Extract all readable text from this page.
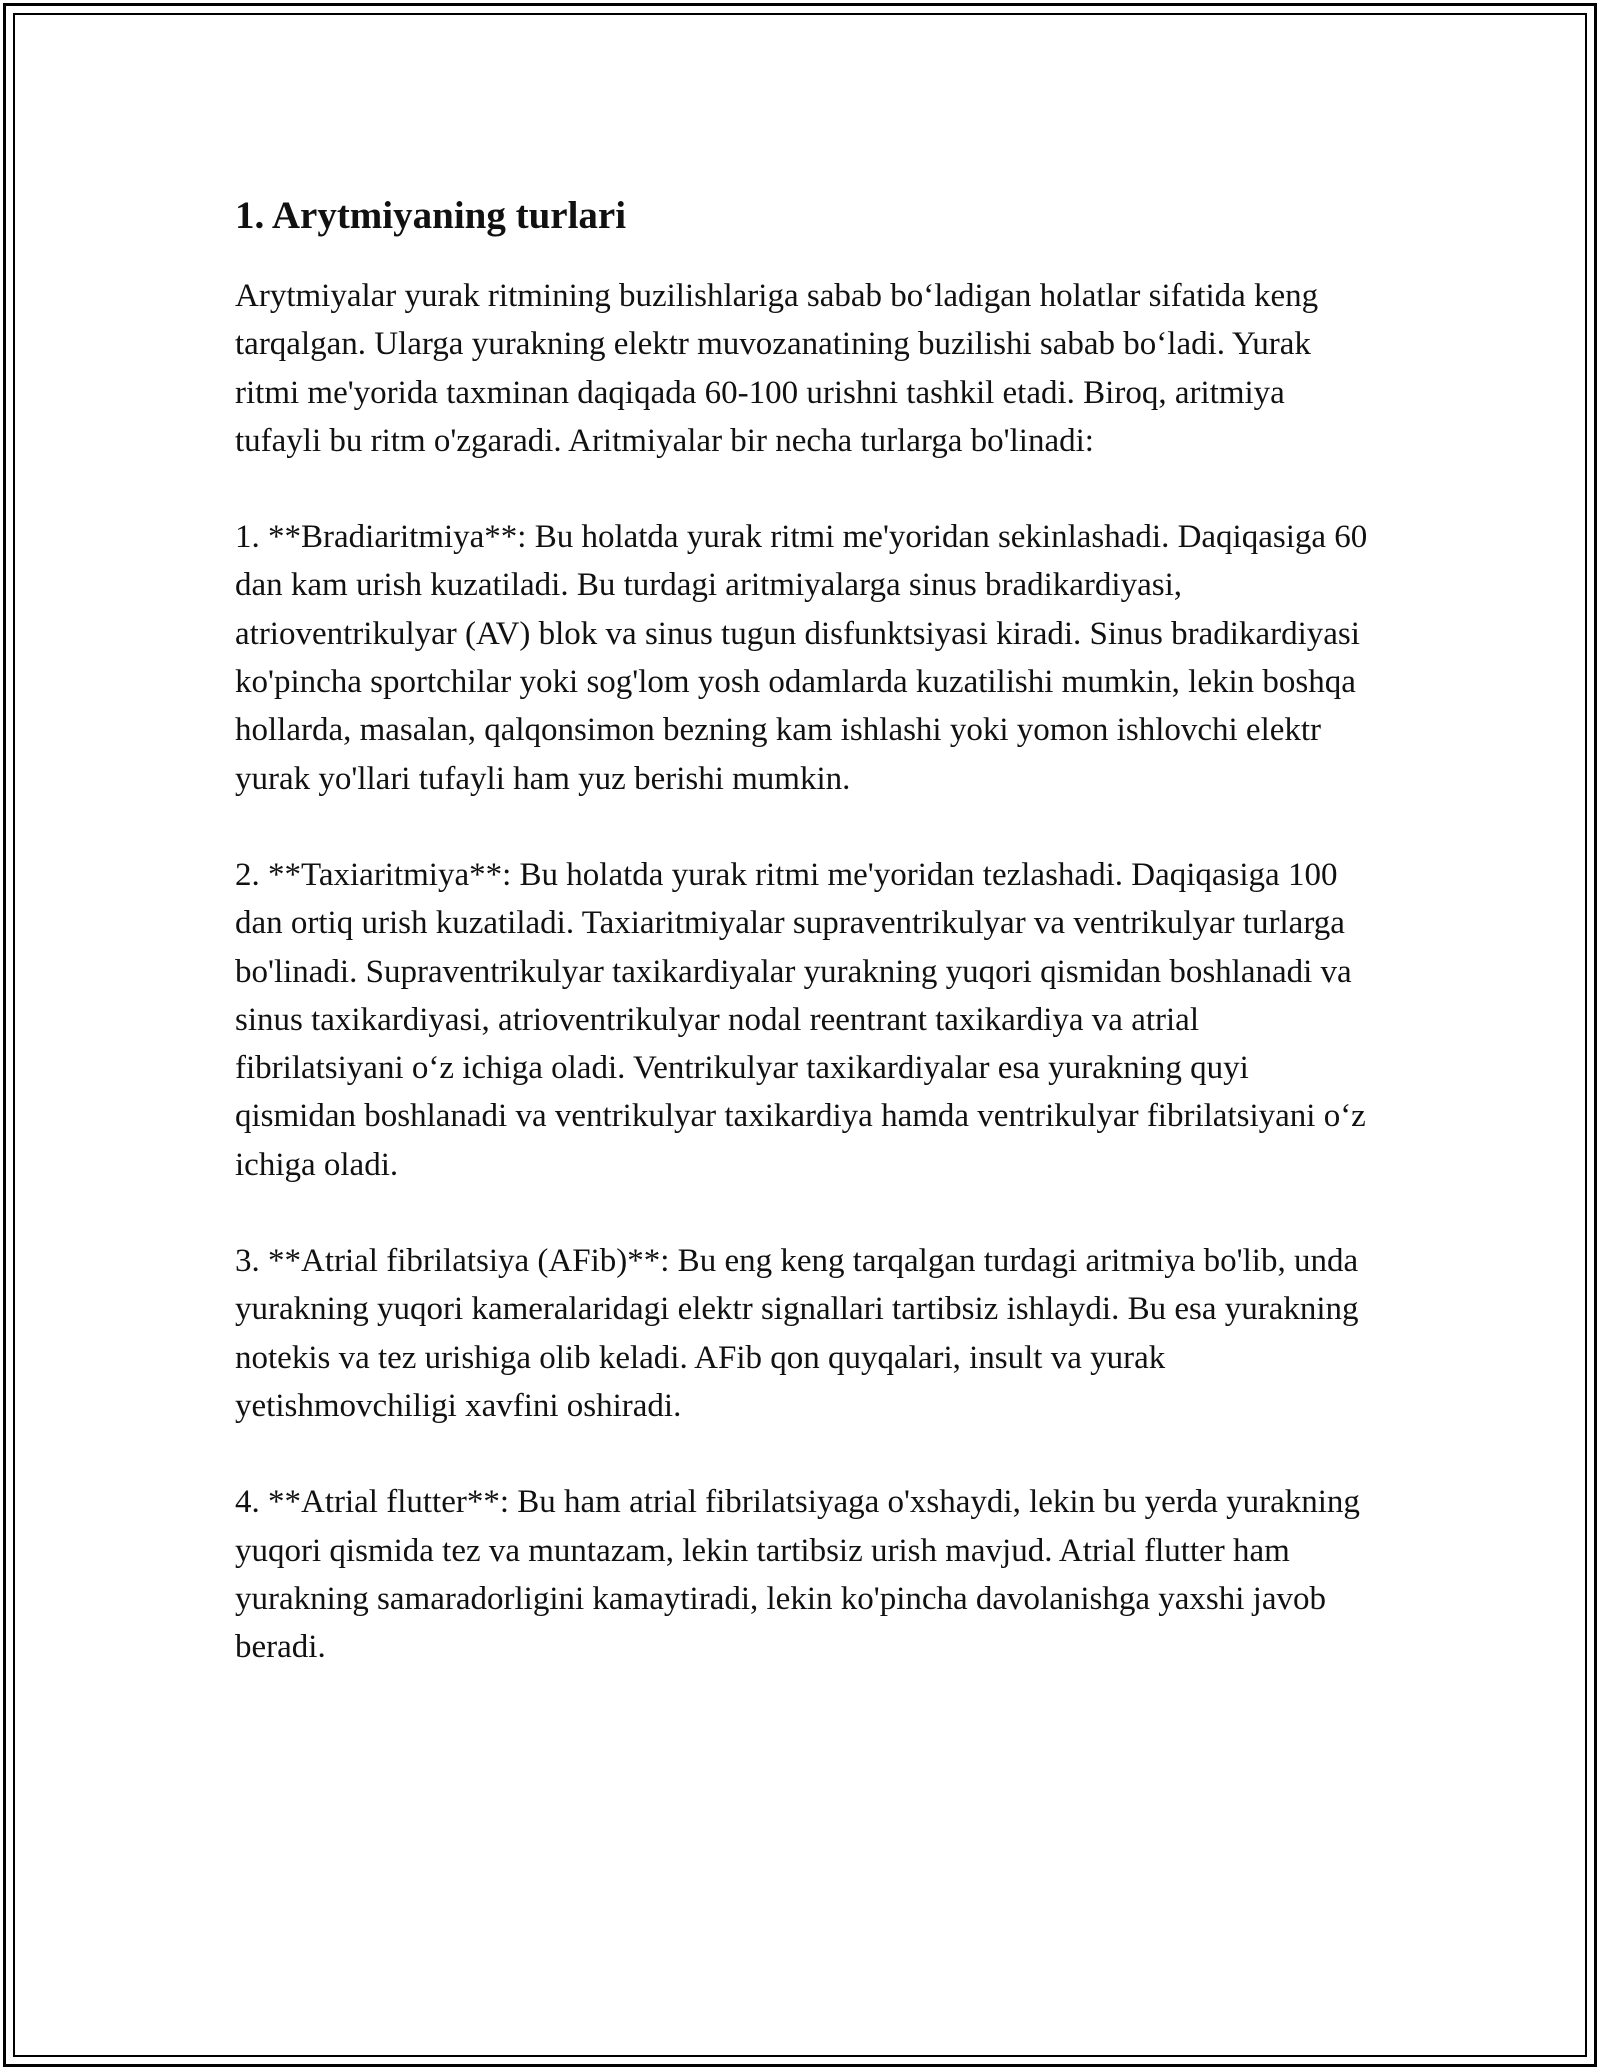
1. Arytmiyaning turlari

Arytmiyalar yurak ritmining buzilishlariga sabab bo‘ladigan holatlar sifatida keng tarqalgan. Ularga yurakning elektr muvozanatining buzilishi sabab bo‘ladi. Yurak ritmi me'yorida taxminan daqiqada 60-100 urishni tashkil etadi. Biroq, aritmiya tufayli bu ritm o'zgaradi. Aritmiyalar bir necha turlarga bo'linadi:

1. **Bradiaritmiya**: Bu holatda yurak ritmi me'yoridan sekinlashadi. Daqiqasiga 60 dan kam urish kuzatiladi. Bu turdagi aritmiyalarga sinus bradikardiyasi, atrioventrikulyar (AV) blok va sinus tugun disfunktsiyasi kiradi. Sinus bradikardiyasi ko'pincha sportchilar yoki sog'lom yosh odamlarda kuzatilishi mumkin, lekin boshqa hollarda, masalan, qalqonsimon bezning kam ishlashi yoki yomon ishlovchi elektr yurak yo'llari tufayli ham yuz berishi mumkin.

2. **Taxiaritmiya**: Bu holatda yurak ritmi me'yoridan tezlashadi. Daqiqasiga 100 dan ortiq urish kuzatiladi. Taxiaritmiyalar supraventrikulyar va ventrikulyar turlarga bo'linadi. Supraventrikulyar taxikardiyalar yurakning yuqori qismidan boshlanadi va sinus taxikardiyasi, atrioventrikulyar nodal reentrant taxikardiya va atrial fibrilatsiyani o‘z ichiga oladi. Ventrikulyar taxikardiyalar esa yurakning quyi qismidan boshlanadi va ventrikulyar taxikardiya hamda ventrikulyar fibrilatsiyani o‘z ichiga oladi.

3. **Atrial fibrilatsiya (AFib)**: Bu eng keng tarqalgan turdagi aritmiya bo'lib, unda yurakning yuqori kameralaridagi elektr signallari tartibsiz ishlaydi. Bu esa yurakning notekis va tez urishiga olib keladi. AFib qon quyqalari, insult va yurak yetishmovchiligi xavfini oshiradi.

4. **Atrial flutter**: Bu ham atrial fibrilatsiyaga o'xshaydi, lekin bu yerda yurakning yuqori qismida tez va muntazam, lekin tartibsiz urish mavjud. Atrial flutter ham yurakning samaradorligini kamaytiradi, lekin ko'pincha davolanishga yaxshi javob beradi.
